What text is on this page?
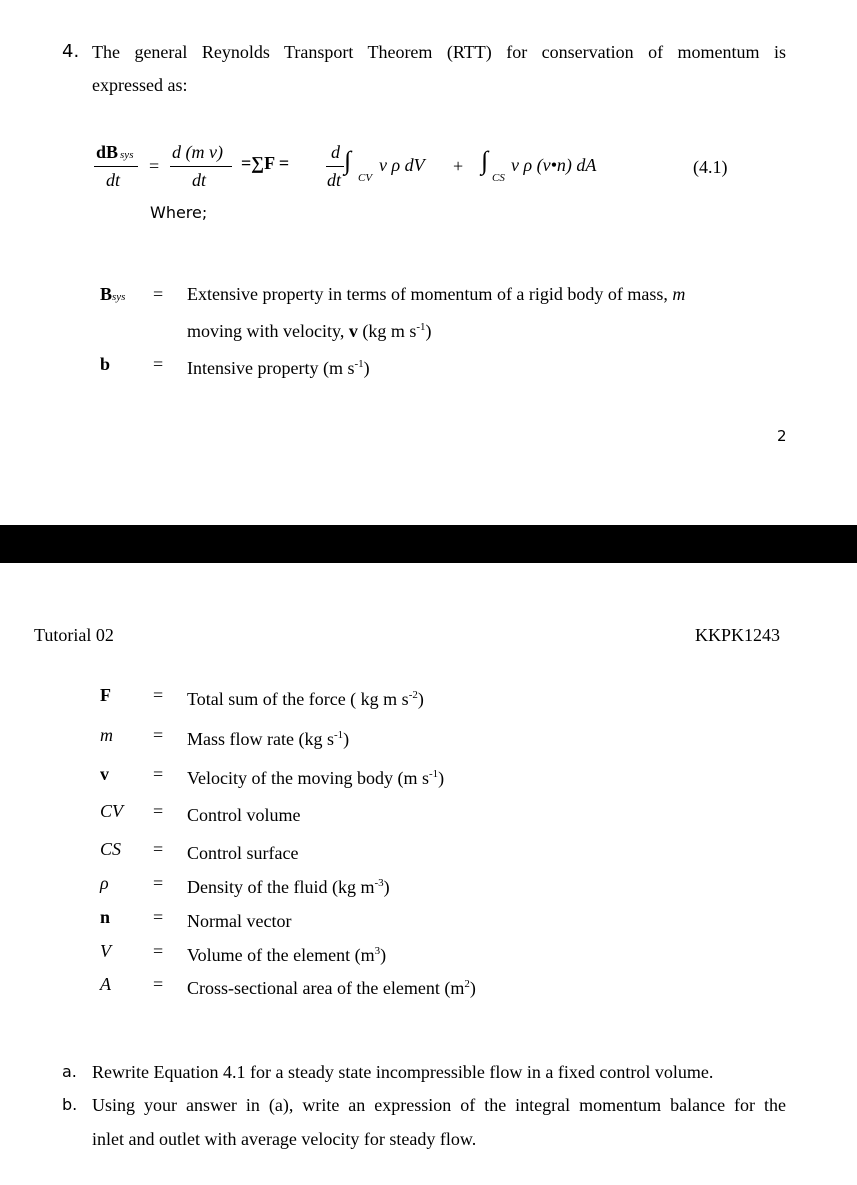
4. The general Reynolds Transport Theorem (RTT) for conservation of momentum is
expressed as:
dB sys
dt
=
d (m v)
dt
=∑F =
d
dt
∫
CV
v ρ dV + ∫
CS
v ρ (v•n) dA	(4.1)
Where;
Bsys = Extensive property in terms of momentum of a rigid body of mass, m
moving with velocity, v (kg m $s^{-1}$)
b = Intensive property (m $s^{-1}$)
2
Tutorial 02	KKPK1243
F	= Total sum of the force ( kg m $s^{-2}$)
m	= Mass flow rate (kg $s^{-1}$)
v	= Velocity of the moving body (m $s^{-1}$)
CV	= Control volume
CS	= Control surface
ρ	= Density of the fluid (kg $m^{-3}$)
n	= Normal vector
V	= Volume of the element $(m^3)$
A	= Cross-sectional area of the element $(m^2)$
a. Rewrite Equation 4.1 for a steady state incompressible flow in a fixed control volume.
b. Using your answer in (a), write an expression of the integral momentum balance for the
inlet and outlet with average velocity for steady flow.
